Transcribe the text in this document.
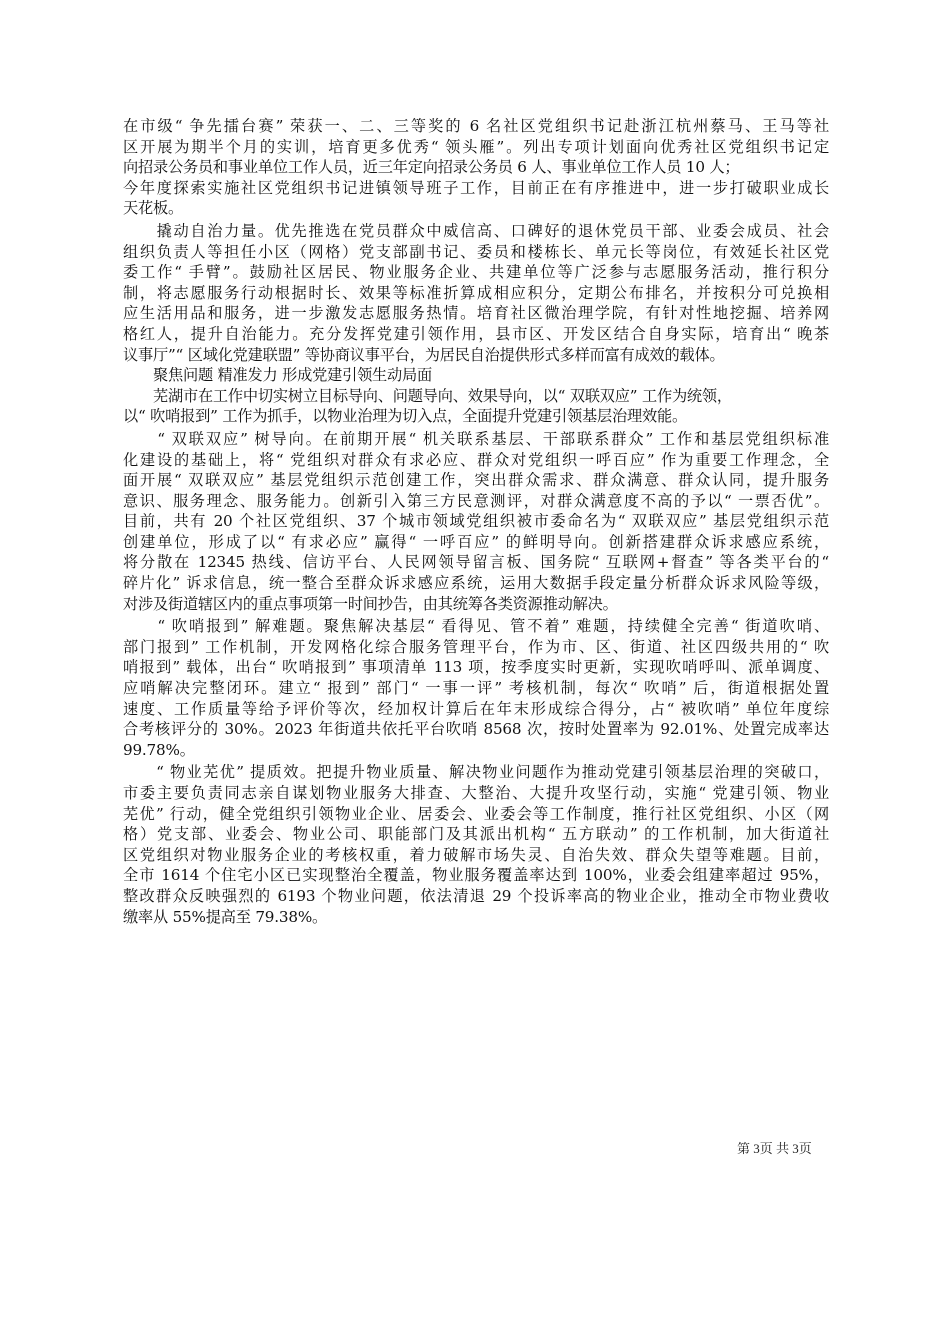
在市级“ 争先擂台赛” 荣获一、二、三等奖的 6 名社区党组织书记赴浙江杭州蔡马、王马等社
区开展为期半个月的实训，培育更多优秀“ 领头雁”。列出专项计划面向优秀社区党组织书记定
向招录公务员和事业单位工作人员，近三年定向招录公务员 6 人、事业单位工作人员 10 人；
今年度探索实施社区党组织书记进镇领导班子工作，目前正在有序推进中，进一步打破职业成长
天花板。
　　撬动自治力量。优先推选在党员群众中威信高、口碑好的退休党员干部、业委会成员、社会
组织负责人等担任小区（网格）党支部副书记、委员和楼栋长、单元长等岗位，有效延长社区党
委工作“ 手臂”。鼓励社区居民、物业服务企业、共建单位等广泛参与志愿服务活动，推行积分
制，将志愿服务行动根据时长、效果等标准折算成相应积分，定期公布排名，并按积分可兑换相
应生活用品和服务，进一步激发志愿服务热情。培育社区微治理学院，有针对性地挖掘、培养网
格红人，提升自治能力。充分发挥党建引领作用，县市区、开发区结合自身实际，培育出“ 晚茶
议事厅”“ 区域化党建联盟” 等协商议事平台，为居民自治提供形式多样而富有成效的载体。
　　聚焦问题 精准发力 形成党建引领生动局面
　　芜湖市在工作中切实树立目标导向、问题导向、效果导向，以“ 双联双应” 工作为统领，
以“ 吹哨报到” 工作为抓手，以物业治理为切入点，全面提升党建引领基层治理效能。
　　“ 双联双应” 树导向。在前期开展“ 机关联系基层、干部联系群众” 工作和基层党组织标准
化建设的基础上，将“ 党组织对群众有求必应、群众对党组织一呼百应” 作为重要工作理念，全
面开展“ 双联双应” 基层党组织示范创建工作，突出群众需求、群众满意、群众认同，提升服务
意识、服务理念、服务能力。创新引入第三方民意测评，对群众满意度不高的予以“ 一票否优”。
目前，共有 20 个社区党组织、37 个城市领域党组织被市委命名为“ 双联双应” 基层党组织示范
创建单位，形成了以“ 有求必应” 赢得“ 一呼百应” 的鲜明导向。创新搭建群众诉求感应系统，
将分散在 12345 热线、信访平台、人民网领导留言板、国务院“ 互联网+督查” 等各类平台的“
碎片化” 诉求信息，统一整合至群众诉求感应系统，运用大数据手段定量分析群众诉求风险等级，
对涉及街道辖区内的重点事项第一时间抄告，由其统筹各类资源推动解决。
　　“ 吹哨报到” 解难题。聚焦解决基层“ 看得见、管不着” 难题，持续健全完善“ 街道吹哨、
部门报到” 工作机制，开发网格化综合服务管理平台，作为市、区、街道、社区四级共用的“ 吹
哨报到” 载体，出台“ 吹哨报到” 事项清单 113 项，按季度实时更新，实现吹哨呼叫、派单调度、
应哨解决完整闭环。建立“ 报到” 部门“ 一事一评” 考核机制，每次“ 吹哨” 后，街道根据处置
速度、工作质量等给予评价等次，经加权计算后在年末形成综合得分，占“ 被吹哨” 单位年度综
合考核评分的 30%。2023 年街道共依托平台吹哨 8568 次，按时处置率为 92.01%、处置完成率达
99.78%。
　　“ 物业芜优” 提质效。把提升物业质量、解决物业问题作为推动党建引领基层治理的突破口，
市委主要负责同志亲自谋划物业服务大排查、大整治、大提升攻坚行动，实施“ 党建引领、物业
芜优” 行动，健全党组织引领物业企业、居委会、业委会等工作制度，推行社区党组织、小区（网
格）党支部、业委会、物业公司、职能部门及其派出机构“ 五方联动” 的工作机制，加大街道社
区党组织对物业服务企业的考核权重，着力破解市场失灵、自治失效、群众失望等难题。目前，
全市 1614 个住宅小区已实现整治全覆盖，物业服务覆盖率达到 100%，业委会组建率超过 95%，
整改群众反映强烈的 6193 个物业问题，依法清退 29 个投诉率高的物业企业，推动全市物业费收
缴率从 55%提高至 79.38%。
第 3页 共 3页
